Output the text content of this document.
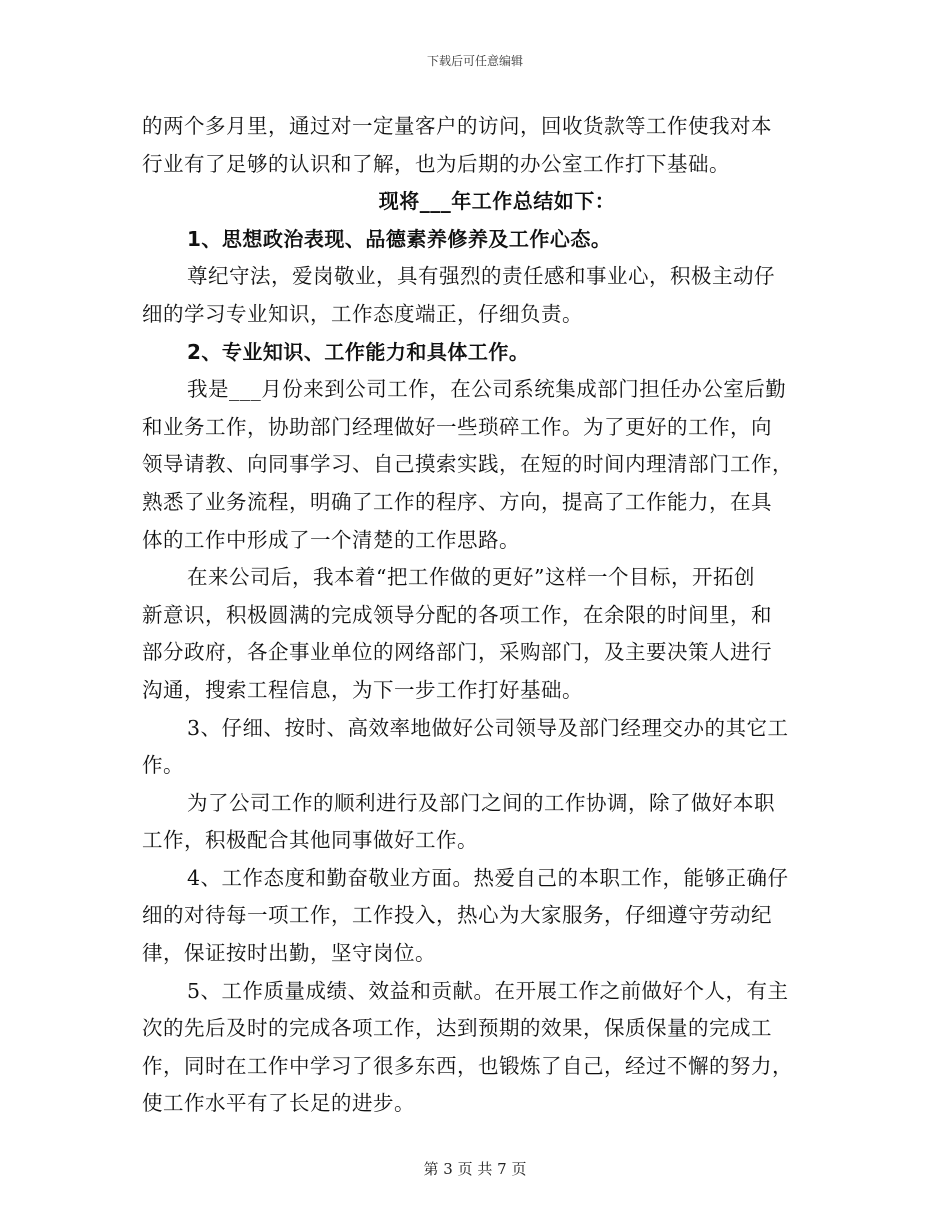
下载后可任意编辑
的两个多月里，通过对一定量客户的访问，回收货款等工作使我对本
行业有了足够的认识和了解，也为后期的办公室工作打下基础。
现将___年工作总结如下：
1、思想政治表现、品德素养修养及工作心态。
尊纪守法，爱岗敬业，具有强烈的责任感和事业心，积极主动仔
细的学习专业知识，工作态度端正，仔细负责。
2、专业知识、工作能力和具体工作。
我是___月份来到公司工作，在公司系统集成部门担任办公室后勤
和业务工作，协助部门经理做好一些琐碎工作。为了更好的工作，向
领导请教、向同事学习、自己摸索实践，在短的时间内理清部门工作，
熟悉了业务流程，明确了工作的程序、方向，提高了工作能力，在具
体的工作中形成了一个清楚的工作思路。
在来公司后，我本着“把工作做的更好”这样一个目标，开拓创
新意识，积极圆满的完成领导分配的各项工作，在余限的时间里，和
部分政府，各企事业单位的网络部门，采购部门，及主要决策人进行
沟通，搜索工程信息，为下一步工作打好基础。
3、仔细、按时、高效率地做好公司领导及部门经理交办的其它工
作。
为了公司工作的顺利进行及部门之间的工作协调，除了做好本职
工作，积极配合其他同事做好工作。
4、工作态度和勤奋敬业方面。热爱自己的本职工作，能够正确仔
细的对待每一项工作，工作投入，热心为大家服务，仔细遵守劳动纪
律，保证按时出勤，坚守岗位。
5、工作质量成绩、效益和贡献。在开展工作之前做好个人，有主
次的先后及时的完成各项工作，达到预期的效果，保质保量的完成工
作，同时在工作中学习了很多东西，也锻炼了自己，经过不懈的努力，
使工作水平有了长足的进步。
第 3 页 共 7 页
